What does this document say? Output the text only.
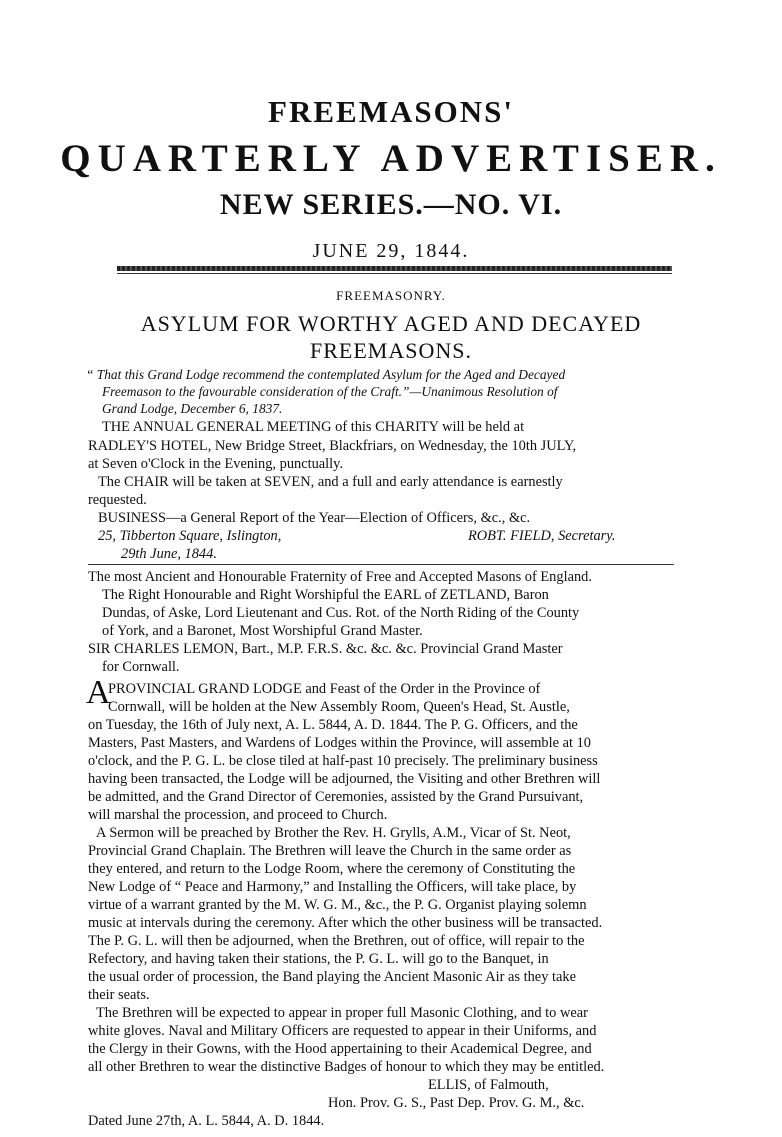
FREEMASONS'
QUARTERLY ADVERTISER.
NEW SERIES.—NO. VI.
JUNE 29, 1844.
FREEMASONRY.
ASYLUM FOR WORTHY AGED AND DECAYED
FREEMASONS.
“ That this Grand Lodge recommend the contemplated Asylum for the Aged and Decayed
Freemason to the favourable consideration of the Craft.”—Unanimous Resolution of
Grand Lodge, December 6, 1837.
THE ANNUAL GENERAL MEETING of this CHARITY will be held at
RADLEY'S HOTEL, New Bridge Street, Blackfriars, on Wednesday, the 10th JULY,
at Seven o'Clock in the Evening, punctually.
The CHAIR will be taken at SEVEN, and a full and early attendance is earnestly
requested.
BUSINESS—a General Report of the Year—Election of Officers, &c., &c.
25, Tibberton Square, Islington,
29th June, 1844.
ROBT. FIELD, Secretary.
The most Ancient and Honourable Fraternity of Free and Accepted Masons of England.
The Right Honourable and Right Worshipful the EARL of ZETLAND, Baron
Dundas, of Aske, Lord Lieutenant and Cus. Rot. of the North Riding of the County
of York, and a Baronet, Most Worshipful Grand Master.
SIR CHARLES LEMON, Bart., M.P. F.R.S. &c. &c. &c. Provincial Grand Master
for Cornwall.
A
PROVINCIAL GRAND LODGE and Feast of the Order in the Province of
Cornwall, will be holden at the New Assembly Room, Queen's Head, St. Austle,
on Tuesday, the 16th of July next, A. L. 5844, A. D. 1844. The P. G. Officers, and the
Masters, Past Masters, and Wardens of Lodges within the Province, will assemble at 10
o'clock, and the P. G. L. be close tiled at half-past 10 precisely. The preliminary business
having been transacted, the Lodge will be adjourned, the Visiting and other Brethren will
be admitted, and the Grand Director of Ceremonies, assisted by the Grand Pursuivant,
will marshal the procession, and proceed to Church.
A Sermon will be preached by Brother the Rev. H. Grylls, A.M., Vicar of St. Neot,
Provincial Grand Chaplain. The Brethren will leave the Church in the same order as
they entered, and return to the Lodge Room, where the ceremony of Constituting the
New Lodge of “ Peace and Harmony,” and Installing the Officers, will take place, by
virtue of a warrant granted by the M. W. G. M., &c., the P. G. Organist playing solemn
music at intervals during the ceremony. After which the other business will be transacted.
The P. G. L. will then be adjourned, when the Brethren, out of office, will repair to the
Refectory, and having taken their stations, the P. G. L. will go to the Banquet, in
the usual order of procession, the Band playing the Ancient Masonic Air as they take
their seats.
The Brethren will be expected to appear in proper full Masonic Clothing, and to wear
white gloves. Naval and Military Officers are requested to appear in their Uniforms, and
the Clergy in their Gowns, with the Hood appertaining to their Academical Degree, and
all other Brethren to wear the distinctive Badges of honour to which they may be entitled.
ELLIS, of Falmouth,
Hon. Prov. G. S., Past Dep. Prov. G. M., &c.
Dated June 27th, A. L. 5844, A. D. 1844.
